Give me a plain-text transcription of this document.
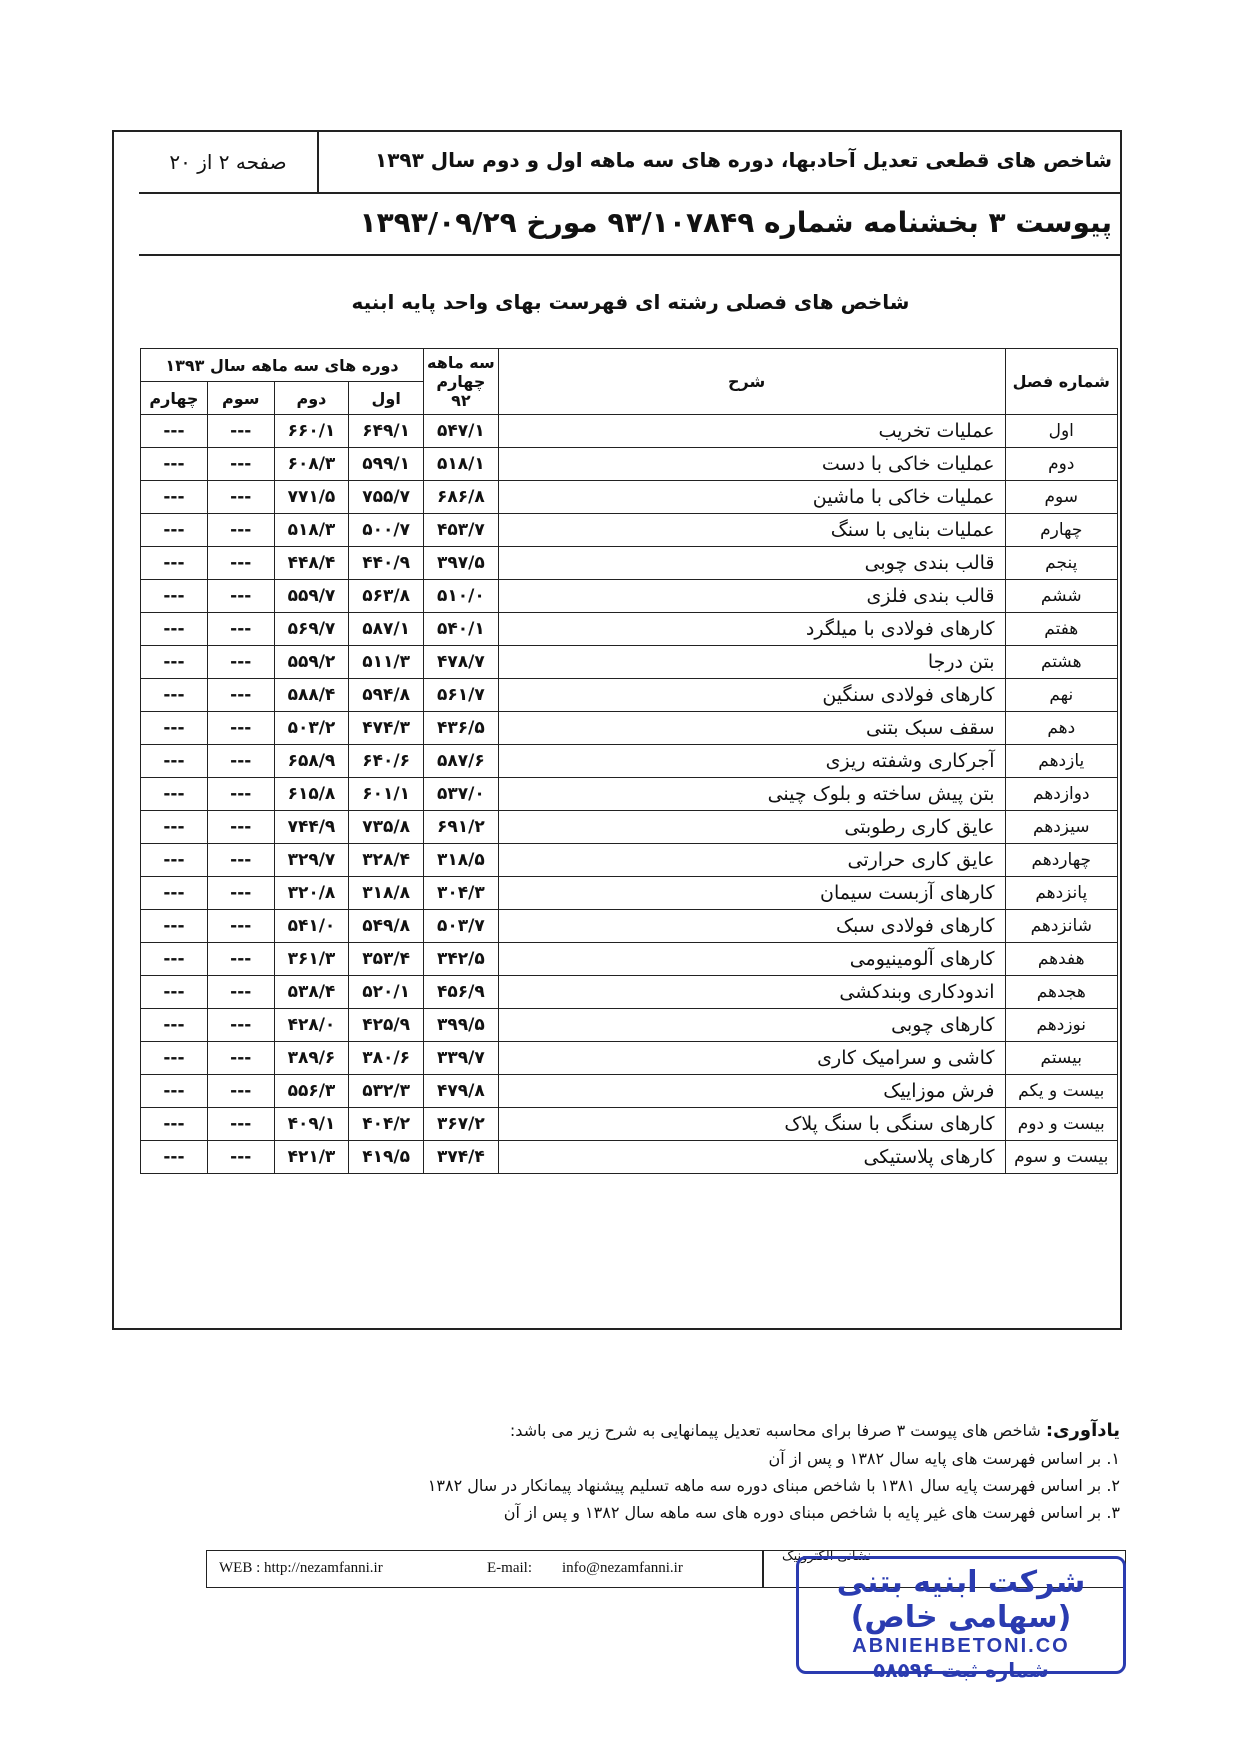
شاخص های قطعی تعدیل آحادبها، دوره های سه ماهه اول و دوم سال ۱۳۹۳
صفحه ۲ از ۲۰
پیوست ۳ بخشنامه شماره ۹۳/۱۰۷۸۴۹ مورخ ۱۳۹۳/۰۹/۲۹
شاخص های فصلی رشته ای فهرست بهای واحد پایه ابنیه
شماره فصل	شرح	سه ماهه چهارم ۹۲	دوره های سه ماهه سال ۱۳۹۳			
			اول	دوم	سوم	چهارم
اول	عملیات تخریب	۵۴۷/۱	۶۴۹/۱	۶۶۰/۱	---	---
دوم	عملیات خاکی با دست	۵۱۸/۱	۵۹۹/۱	۶۰۸/۳	---	---
سوم	عملیات خاکی با ماشین	۶۸۶/۸	۷۵۵/۷	۷۷۱/۵	---	---
چهارم	عملیات بنایی با سنگ	۴۵۳/۷	۵۰۰/۷	۵۱۸/۳	---	---
پنجم	قالب بندی چوبی	۳۹۷/۵	۴۴۰/۹	۴۴۸/۴	---	---
ششم	قالب بندی فلزی	۵۱۰/۰	۵۶۳/۸	۵۵۹/۷	---	---
هفتم	کارهای فولادی با میلگرد	۵۴۰/۱	۵۸۷/۱	۵۶۹/۷	---	---
هشتم	بتن درجا	۴۷۸/۷	۵۱۱/۳	۵۵۹/۲	---	---
نهم	کارهای فولادی سنگین	۵۶۱/۷	۵۹۴/۸	۵۸۸/۴	---	---
دهم	سقف سبک بتنی	۴۳۶/۵	۴۷۴/۳	۵۰۳/۲	---	---
یازدهم	آجرکاری وشفته ریزی	۵۸۷/۶	۶۴۰/۶	۶۵۸/۹	---	---
دوازدهم	بتن پیش ساخته و بلوک چینی	۵۳۷/۰	۶۰۱/۱	۶۱۵/۸	---	---
سیزدهم	عایق کاری رطوبتی	۶۹۱/۲	۷۳۵/۸	۷۴۴/۹	---	---
چهاردهم	عایق کاری حرارتی	۳۱۸/۵	۳۲۸/۴	۳۲۹/۷	---	---
پانزدهم	کارهای آزبست سیمان	۳۰۴/۳	۳۱۸/۸	۳۲۰/۸	---	---
شانزدهم	کارهای فولادی سبک	۵۰۳/۷	۵۴۹/۸	۵۴۱/۰	---	---
هفدهم	کارهای آلومینیومی	۳۴۲/۵	۳۵۳/۴	۳۶۱/۳	---	---
هجدهم	اندودکاری وبندکشی	۴۵۶/۹	۵۲۰/۱	۵۳۸/۴	---	---
نوزدهم	کارهای چوبی	۳۹۹/۵	۴۲۵/۹	۴۲۸/۰	---	---
بیستم	کاشی و سرامیک کاری	۳۳۹/۷	۳۸۰/۶	۳۸۹/۶	---	---
بیست و یکم	فرش موزاییک	۴۷۹/۸	۵۳۲/۳	۵۵۶/۳	---	---
بیست و دوم	کارهای سنگی با سنگ پلاک	۳۶۷/۲	۴۰۴/۲	۴۰۹/۱	---	---
بیست و سوم	کارهای پلاستیکی	۳۷۴/۴	۴۱۹/۵	۴۲۱/۳	---	---
یادآوری: شاخص های پیوست ۳ صرفا برای محاسبه تعدیل پیمانهایی به شرح زیر می باشد:
۱. بر اساس فهرست های پایه سال ۱۳۸۲ و پس از آن
۲. بر اساس فهرست پایه سال ۱۳۸۱ با شاخص مبنای دوره سه ماهه تسلیم پیشنهاد پیمانکار در سال ۱۳۸۲
۳. بر اساس فهرست های غیر پایه با شاخص مبنای دوره های سه ماهه سال ۱۳۸۲ و پس از آن
WEB : http://nezamfanni.ir	E-mail: info@nezamfanni.ir
نشانی الکترونیک
شرکت ابنیه بتنی (سهامی خاص)
ABNIEHBETONI.CO
شماره ثبت ۵۸۵۹۶
